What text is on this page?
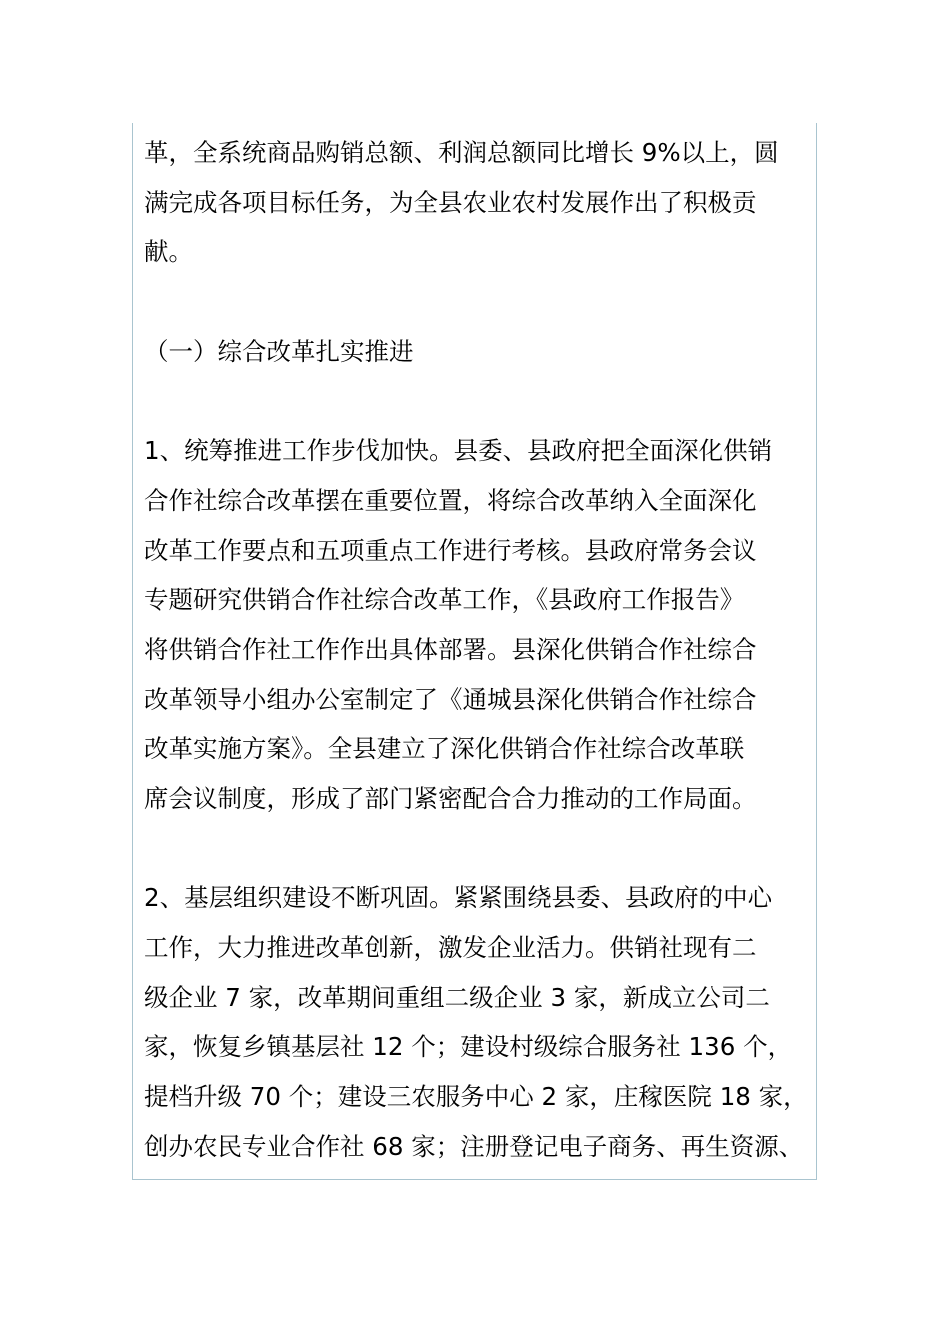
革，全系统商品购销总额、利润总额同比增长 9%以上，圆
满完成各项目标任务，为全县农业农村发展作出了积极贡
献。
（一）综合改革扎实推进
1、统筹推进工作步伐加快。县委、县政府把全面深化供销
合作社综合改革摆在重要位置，将综合改革纳入全面深化
改革工作要点和五项重点工作进行考核。县政府常务会议
专题研究供销合作社综合改革工作，《县政府工作报告》
将供销合作社工作作出具体部署。县深化供销合作社综合
改革领导小组办公室制定了《通城县深化供销合作社综合
改革实施方案》。全县建立了深化供销合作社综合改革联
席会议制度，形成了部门紧密配合合力推动的工作局面。
2、基层组织建设不断巩固。紧紧围绕县委、县政府的中心
工作，大力推进改革创新，激发企业活力。供销社现有二
级企业 7 家，改革期间重组二级企业 3 家，新成立公司二
家，恢复乡镇基层社 12 个；建设村级综合服务社 136 个，
提档升级 70 个；建设三农服务中心 2 家，庄稼医院 18 家，
创办农民专业合作社 68 家；注册登记电子商务、再生资源、
